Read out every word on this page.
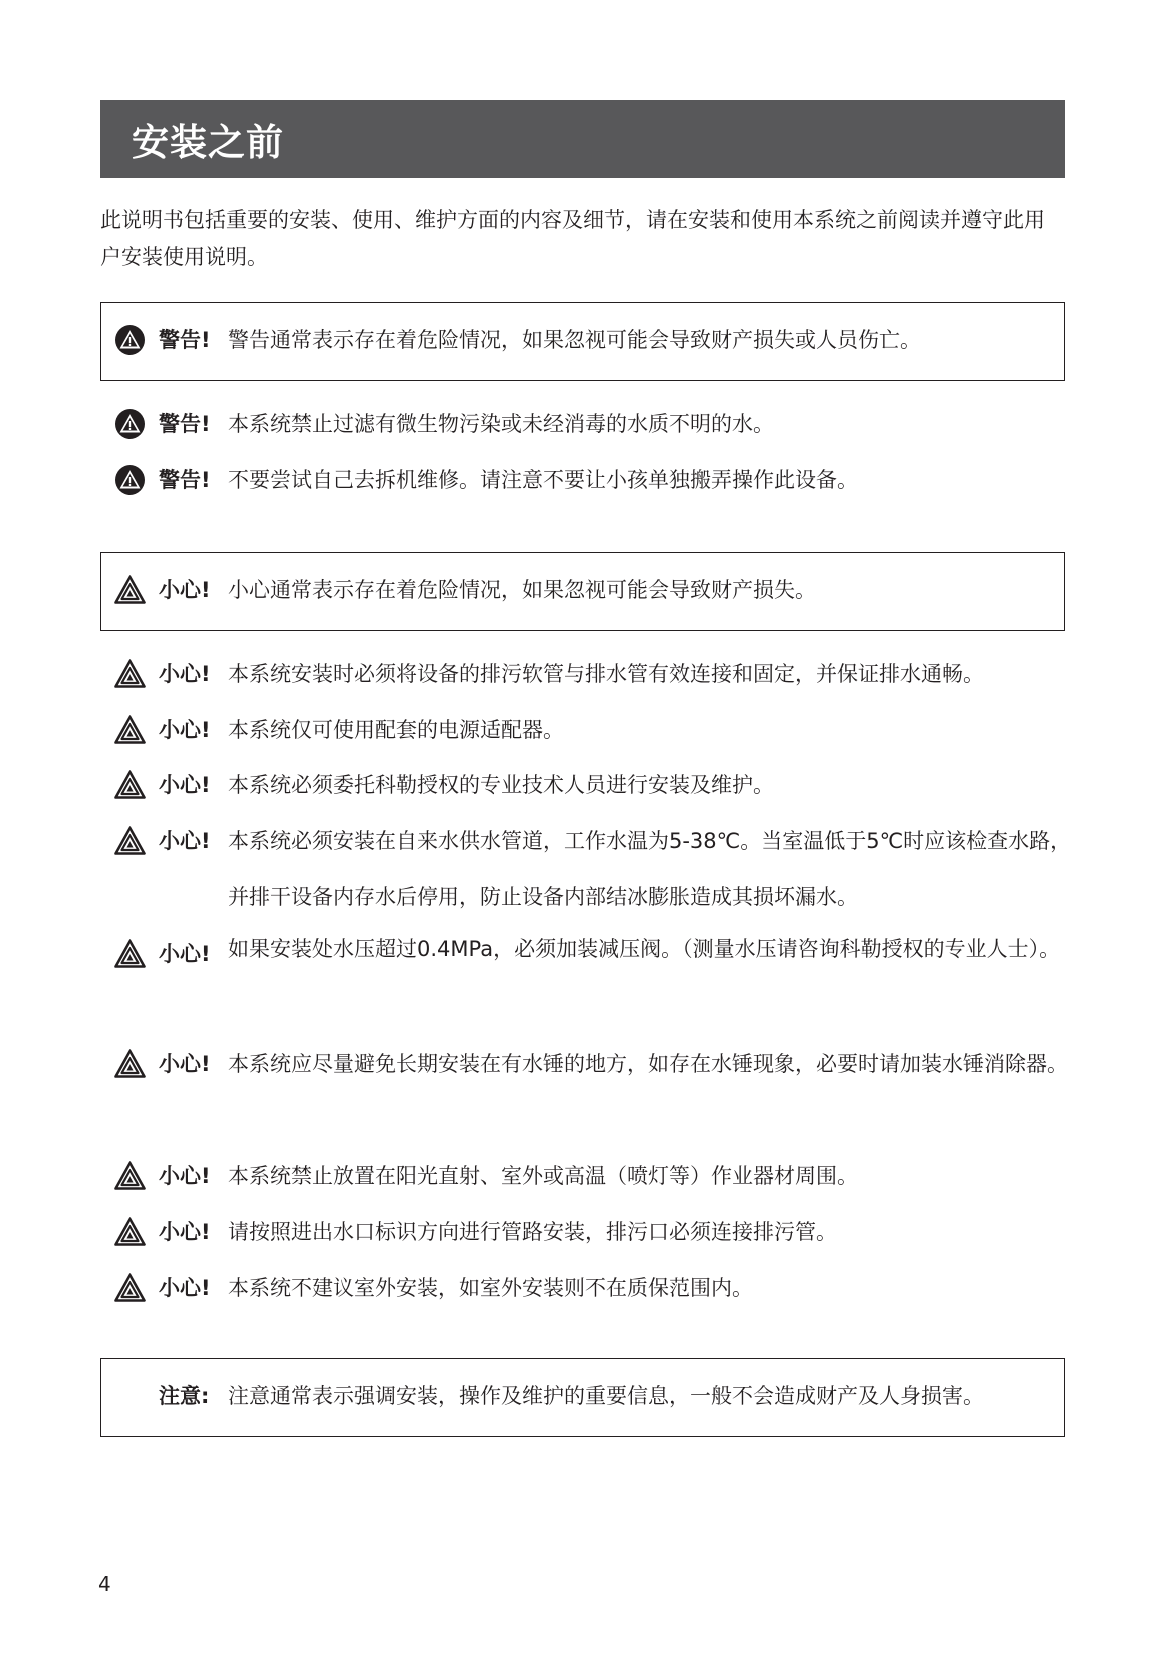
安装之前

此说明书包括重要的安装、使用、维护方面的内容及细节，请在安装和使用本系统之前阅读并遵守此用户安装使用说明。

警告! 警告通常表示存在着危险情况，如果忽视可能会导致财产损失或人员伤亡。
警告! 本系统禁止过滤有微生物污染或未经消毒的水质不明的水。
警告! 不要尝试自己去拆机维修。请注意不要让小孩单独搬弄操作此设备。
小心! 小心通常表示存在着危险情况，如果忽视可能会导致财产损失。
小心! 本系统安装时必须将设备的排污软管与排水管有效连接和固定，并保证排水通畅。
小心! 本系统仅可使用配套的电源适配器。
小心! 本系统必须委托科勒授权的专业技术人员进行安装及维护。
小心! 本系统必须安装在自来水供水管道，工作水温为5-38℃。当室温低于5℃时应该检查水路，并排干设备内存水后停用，防止设备内部结冰膨胀造成其损坏漏水。
小心! 如果安装处水压超过0.4MPa，必须加装减压阀。（测量水压请咨询科勒授权的专业人士）。
小心! 本系统应尽量避免长期安装在有水锤的地方，如存在水锤现象，必要时请加装水锤消除器。
小心! 本系统禁止放置在阳光直射、室外或高温（喷灯等）作业器材周围。
小心! 请按照进出水口标识方向进行管路安装，排污口必须连接排污管。
小心! 本系统不建议室外安装，如室外安装则不在质保范围内。
注意: 注意通常表示强调安装，操作及维护的重要信息，一般不会造成财产及人身损害。
4
